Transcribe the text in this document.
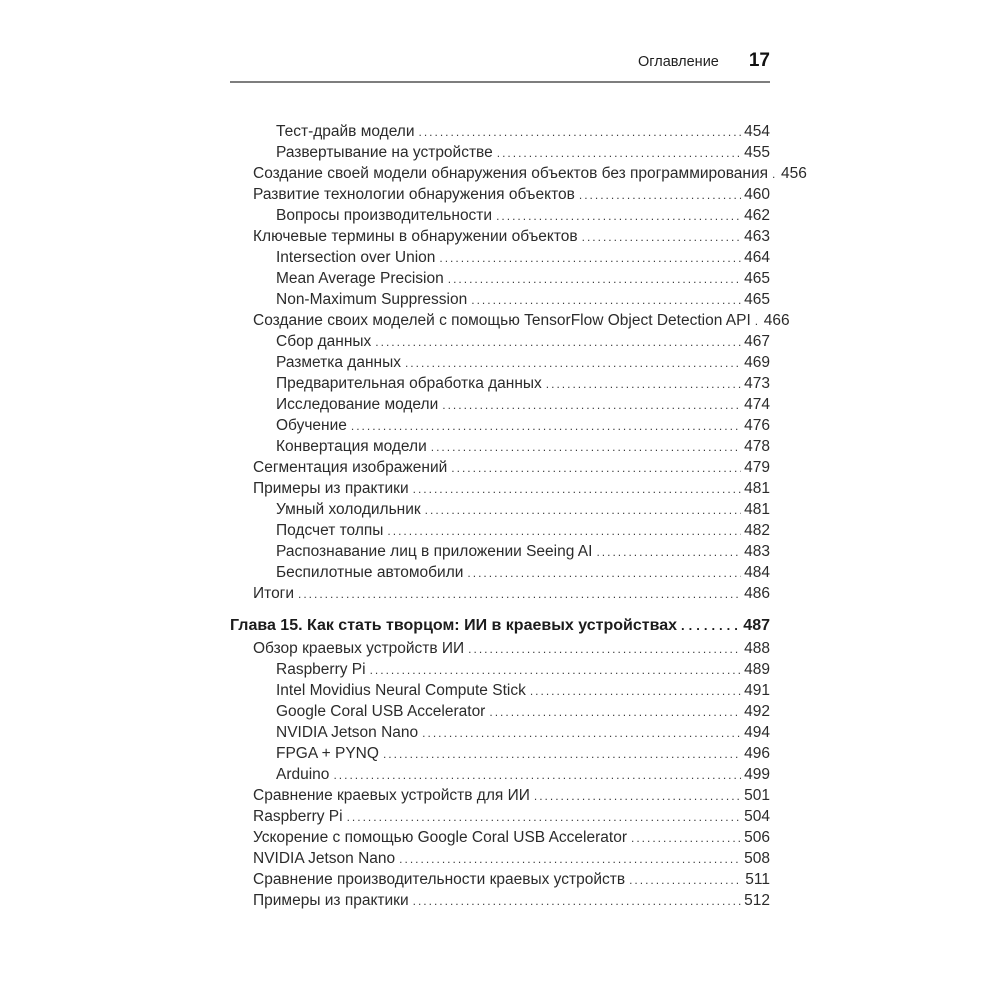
Оглавление 17
Тест-драйв модели .....	454
Развертывание на устройстве .....	455
Создание своей модели обнаружения объектов без программирования ..... 456
Развитие технологии обнаружения объектов .....	460
Вопросы производительности .....	462
Ключевые термины в обнаружении объектов .....	463
Intersection over Union .....	464
Mean Average Precision .....	465
Non-Maximum Suppression .....	465
Создание своих моделей с помощью TensorFlow Object Detection API ..... 466
Сбор данных .....	467
Разметка данных .....	469
Предварительная обработка данных .....	473
Исследование модели .....	474
Обучение .....	476
Конвертация модели .....	478
Сегментация изображений .....	479
Примеры из практики .....	481
Умный холодильник .....	481
Подсчет толпы .....	482
Распознавание лиц в приложении Seeing AI .....	483
Беспилотные автомобили .....	484
Итоги .....	486
Глава 15. Как стать творцом: ИИ в краевых устройствах .....	487
Обзор краевых устройств ИИ .....	488
Raspberry Pi .....	489
Intel Movidius Neural Compute Stick .....	491
Google Coral USB Accelerator .....	492
NVIDIA Jetson Nano .....	494
FPGA + PYNQ .....	496
Arduino .....	499
Сравнение краевых устройств для ИИ .....	501
Raspberry Pi .....	504
Ускорение с помощью Google Coral USB Accelerator .....	506
NVIDIA Jetson Nano .....	508
Сравнение производительности краевых устройств .....	511
Примеры из практики .....	512
